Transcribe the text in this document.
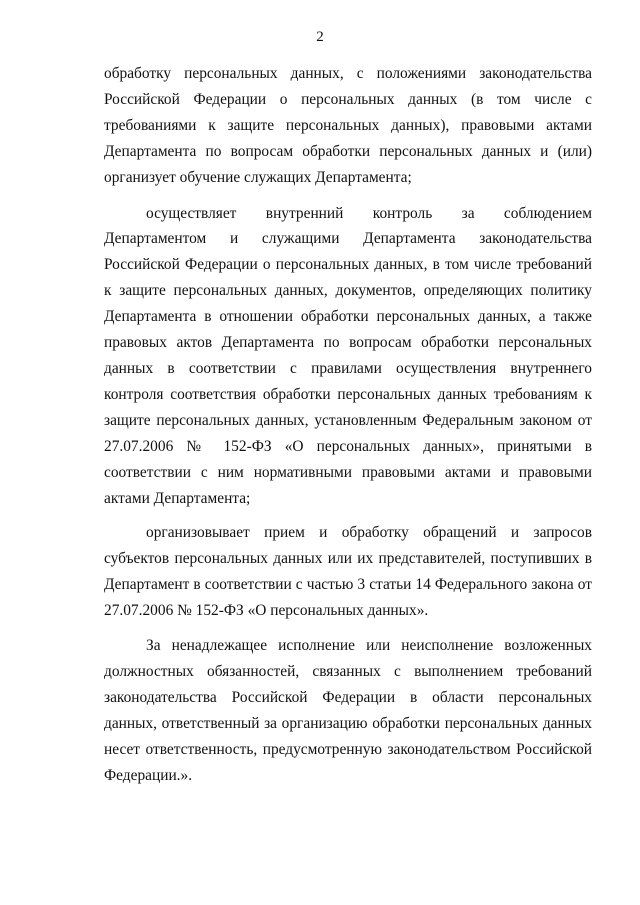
2

обработку персональных данных, с положениями законодательства Российской Федерации о персональных данных (в том числе с требованиями к защите персональных данных), правовыми актами Департамента по вопросам обработки персональных данных и (или) организует обучение служащих Департамента;

осуществляет внутренний контроль за соблюдением Департаментом и служащими Департамента законодательства Российской Федерации о персональных данных, в том числе требований к защите персональных данных, документов, определяющих политику Департамента в отношении обработки персональных данных, а также правовых актов Департамента по вопросам обработки персональных данных в соответствии с правилами осуществления внутреннего контроля соответствия обработки персональных данных требованиям к защите персональных данных, установленным Федеральным законом от 27.07.2006 № 152-ФЗ «О персональных данных», принятыми в соответствии с ним нормативными правовыми актами и правовыми актами Департамента;

организовывает прием и обработку обращений и запросов субъектов персональных данных или их представителей, поступивших в Департамент в соответствии с частью 3 статьи 14 Федерального закона от 27.07.2006 № 152-ФЗ «О персональных данных».

За ненадлежащее исполнение или неисполнение возложенных должностных обязанностей, связанных с выполнением требований законодательства Российской Федерации в области персональных данных, ответственный за организацию обработки персональных данных несет ответственность, предусмотренную законодательством Российской Федерации.».
